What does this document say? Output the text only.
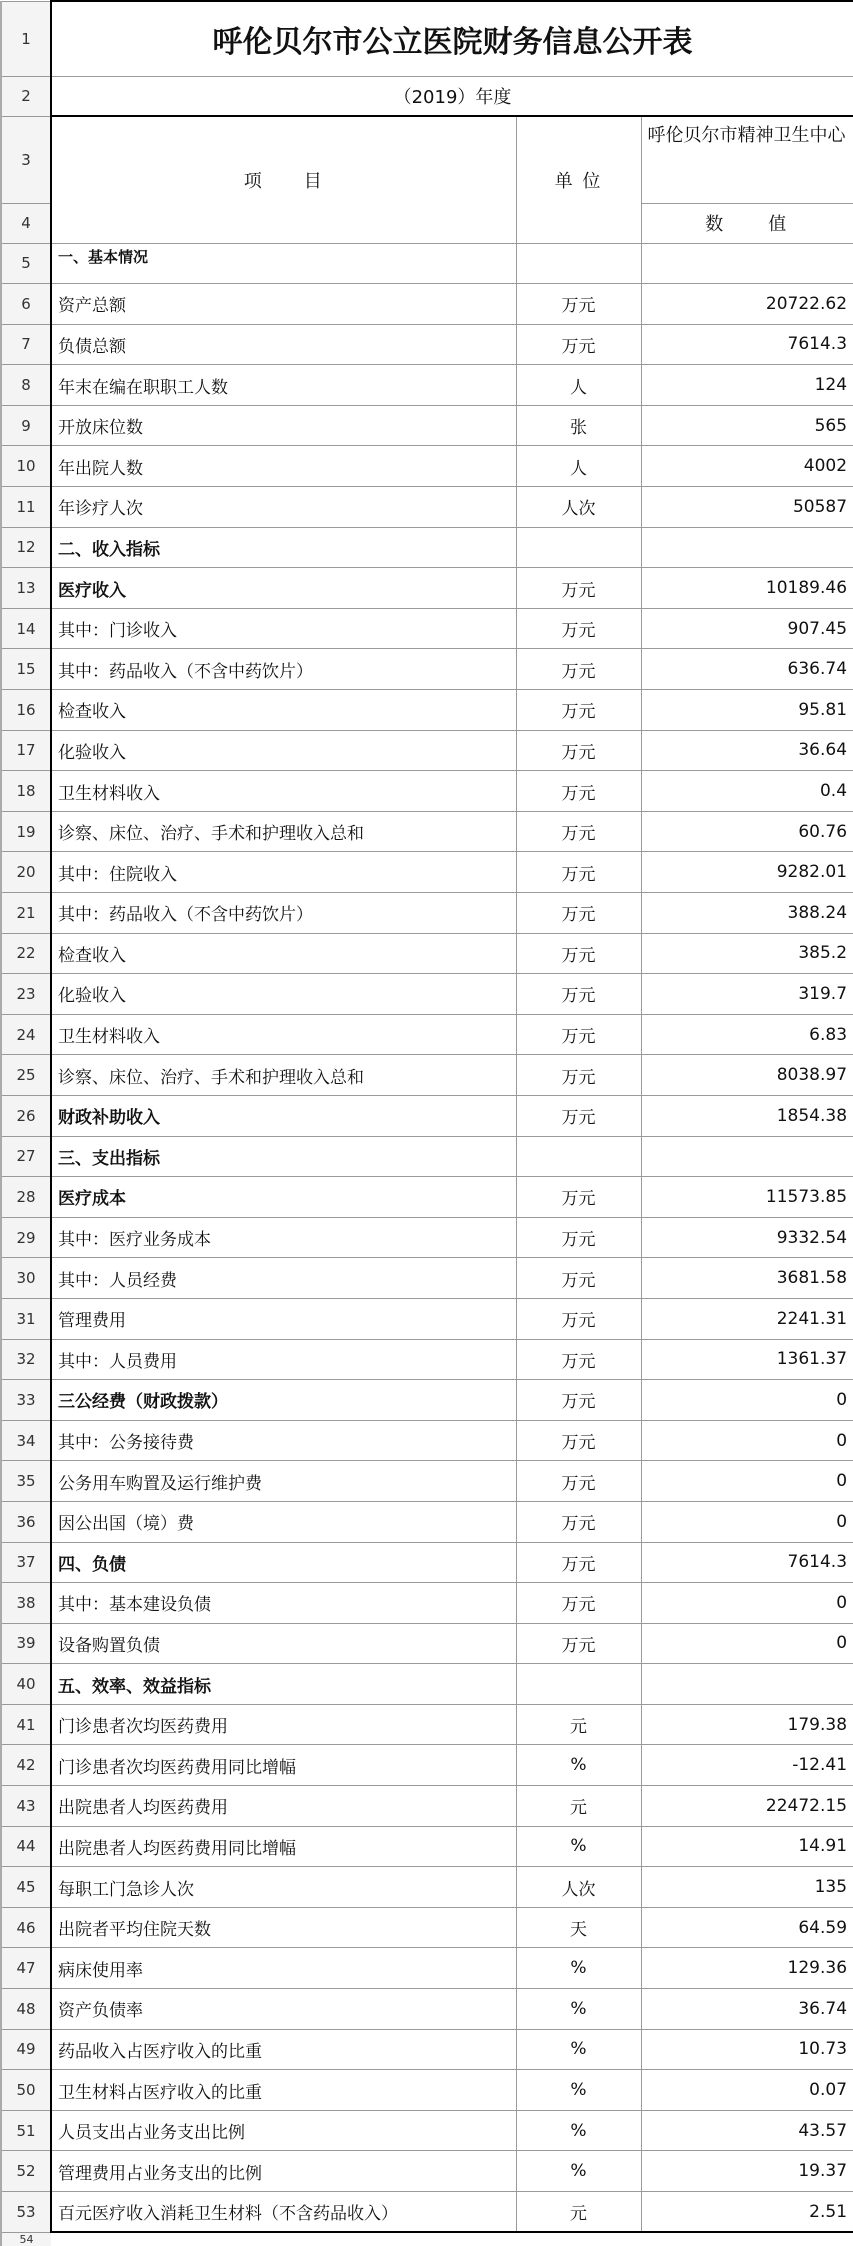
1	呼伦贝尔市公立医院财务信息公开表		
2	（2019）年度		
3	项　　目	单 位	呼伦贝尔市精神卫生中心
4			数　　值
5	一、基本情况		
6	资产总额	万元	20722.62
7	负债总额	万元	7614.3
8	年末在编在职职工人数	人	124
9	开放床位数	张	565
10	年出院人数	人	4002
11	年诊疗人次	人次	50587
12	二、收入指标		
13	医疗收入	万元	10189.46
14	其中：门诊收入	万元	907.45
15	其中：药品收入（不含中药饮片）	万元	636.74
16	检查收入	万元	95.81
17	化验收入	万元	36.64
18	卫生材料收入	万元	0.4
19	诊察、床位、治疗、手术和护理收入总和	万元	60.76
20	其中：住院收入	万元	9282.01
21	其中：药品收入（不含中药饮片）	万元	388.24
22	检查收入	万元	385.2
23	化验收入	万元	319.7
24	卫生材料收入	万元	6.83
25	诊察、床位、治疗、手术和护理收入总和	万元	8038.97
26	财政补助收入	万元	1854.38
27	三、支出指标		
28	医疗成本	万元	11573.85
29	其中：医疗业务成本	万元	9332.54
30	其中：人员经费	万元	3681.58
31	管理费用	万元	2241.31
32	其中：人员费用	万元	1361.37
33	三公经费（财政拨款）	万元	0
34	其中：公务接待费	万元	0
35	公务用车购置及运行维护费	万元	0
36	因公出国（境）费	万元	0
37	四、负债	万元	7614.3
38	其中：基本建设负债	万元	0
39	设备购置负债	万元	0
40	五、效率、效益指标		
41	门诊患者次均医药费用	元	179.38
42	门诊患者次均医药费用同比增幅	%	-12.41
43	出院患者人均医药费用	元	22472.15
44	出院患者人均医药费用同比增幅	%	14.91
45	每职工门急诊人次	人次	135
46	出院者平均住院天数	天	64.59
47	病床使用率	%	129.36
48	资产负债率	%	36.74
49	药品收入占医疗收入的比重	%	10.73
50	卫生材料占医疗收入的比重	%	0.07
51	人员支出占业务支出比例	%	43.57
52	管理费用占业务支出的比例	%	19.37
53	百元医疗收入消耗卫生材料（不含药品收入）	元	2.51
54			
